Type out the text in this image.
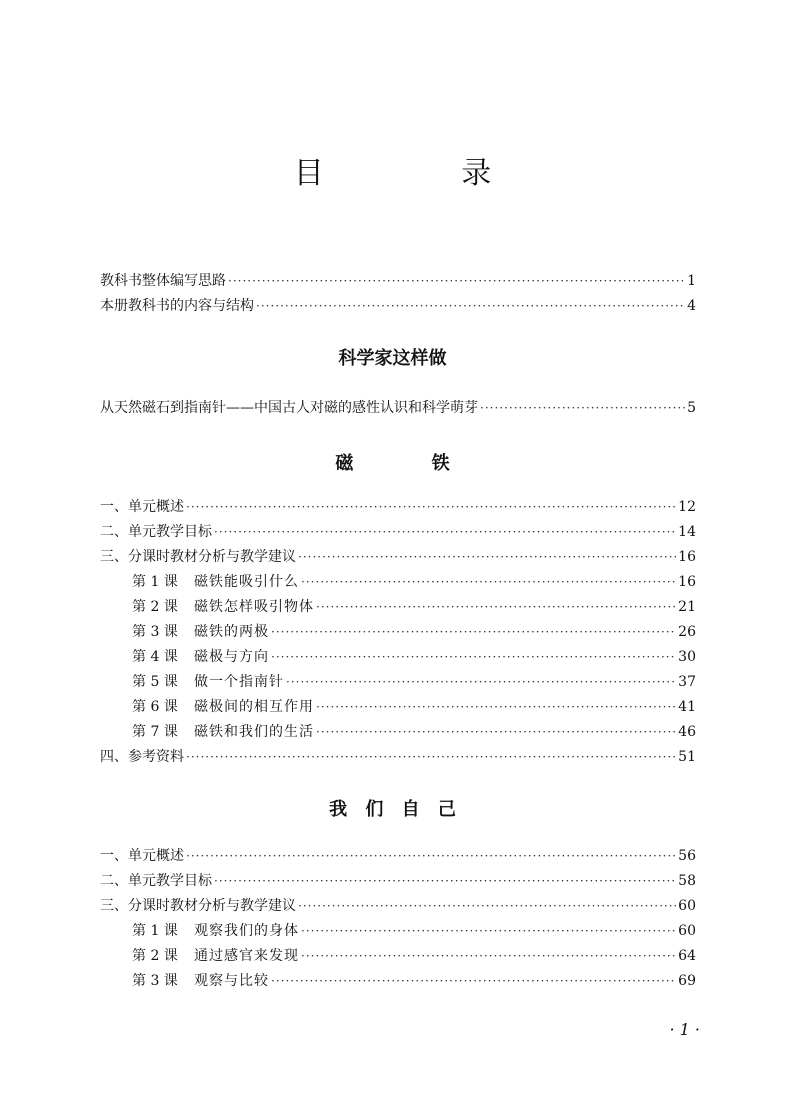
目 录
教科书整体编写思路 ·····	1
本册教科书的内容与结构 ·····	4
科学家这样做
从天然磁石到指南针——中国古人对磁的感性认识和科学萌芽 ·····	5
磁 铁
一、单元概述 ·····	12
二、单元教学目标 ·····	14
三、分课时教材分析与教学建议 ·····	16
第 1 课	磁铁能吸引什么 ·····	16
第 2 课	磁铁怎样吸引物体 ·····	21
第 3 课	磁铁的两极 ·····	26
第 4 课	磁极与方向 ·····	30
第 5 课	做一个指南针 ·····	37
第 6 课	磁极间的相互作用 ·····	41
第 7 课	磁铁和我们的生活 ·····	46
四、参考资料 ·····	51
我 们 自 己
一、单元概述 ·····	56
二、单元教学目标 ·····	58
三、分课时教材分析与教学建议 ·····	60
第 1 课	观察我们的身体 ·····	60
第 2 课	通过感官来发现 ·····	64
第 3 课	观察与比较 ·····	69
· 1 ·
